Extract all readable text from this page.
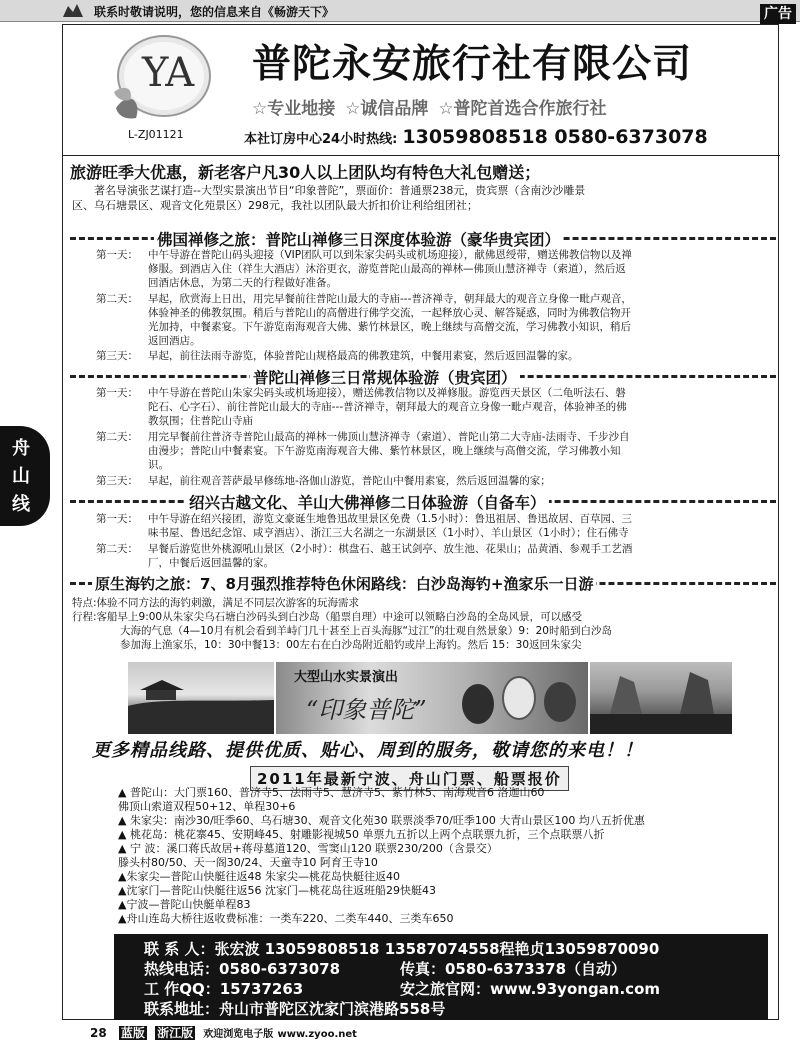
联系时敬请说明，您的信息来自《畅游天下》	广告
舟
山
线
YA
L-ZJ01121
普陀永安旅行社有限公司
☆专业地接 ☆诚信品牌 ☆普陀首选合作旅行社
本社订房中心24小时热线: 13059808518 0580-6373078
旅游旺季大优惠，新老客户凡30人以上团队均有特色大礼包赠送；
著名导演张艺谋打造--大型实景演出节目“印象普陀”，票面价：普通票238元，贵宾票（含南沙沙雕景
区、乌石塘景区、观音文化苑景区）298元，我社以团队最大折扣价让利给组团社；
佛国禅修之旅：普陀山禅修三日深度体验游（豪华贵宾团）
第一天： 中午导游在普陀山码头迎接（VIP团队可以到朱家尖码头或机场迎接），献佛恩绶带，赠送佛教信物以及禅
修服。到酒店入住（祥生大酒店）沐浴更衣，游览普陀山最高的禅林—佛顶山慧济禅寺（索道），然后返
回酒店休息，为第二天的行程做好准备。
第二天： 早起，欣赏海上日出，用完早餐前往普陀山最大的寺庙---普济禅寺，朝拜最大的观音立身像一毗卢观音，
体验神圣的佛教氛围。稍后与普陀山的高僧进行佛学交流，一起释放心灵、解答疑惑，同时为佛教信物开
光加持，中餐素宴。下午游览南海观音大佛、紫竹林景区，晚上继续与高僧交流，学习佛教小知识，稍后
返回酒店。
第三天： 早起，前往法雨寺游览，体验普陀山规格最高的佛教建筑，中餐用素宴，然后返回温馨的家。
普陀山禅修三日常规体验游（贵宾团）
第一天： 中午导游在普陀山朱家尖码头或机场迎接），赠送佛教信物以及禅修服。游览西天景区（二龟听法石、磐
陀石、心字石）、前往普陀山最大的寺庙---普济禅寺，朝拜最大的观音立身像一毗卢观音，体验神圣的佛
教氛围；住普陀山寺庙
第二天： 用完早餐前往普济寺普陀山最高的禅林一佛顶山慧济禅寺（索道）、普陀山第二大寺庙-法雨寺、千步沙自
由漫步；普陀山中餐素宴。下午游览南海观音大佛、紫竹林景区，晚上继续与高僧交流，学习佛教小知
识。
第三天： 早起，前往观音菩萨最早修练地-洛伽山游览，普陀山中餐用素宴，然后返回温馨的家；
绍兴古越文化、羊山大佛禅修二日体验游（自备车）
第一天： 中午导游在绍兴接团，游览文豪诞生地鲁迅故里景区免费（1.5小时）：鲁迅祖居、鲁迅故居、百草园、三
味书屋、鲁迅纪念馆、咸亨酒店）、浙江三大名湖之一东湖景区（1小时）、羊山景区（1小时）；住石佛寺
第二天： 早餐后游览世外桃源吼山景区（2小时）：棋盘石、越王试剑亭、放生池、花果山；品黄酒、参观手工艺酒
厂，中餐后返回温馨的家。
原生海钓之旅：7、8月强烈推荐特色休闲路线：白沙岛海钓+渔家乐一日游
特点:体验不同方法的海钓刺激，满足不同层次游客的玩海需求
行程:客船早上9:00从朱家尖乌石塘白沙码头到白沙岛（船票自理）中途可以领略白沙岛的全岛风景，可以感受
大海的气息（4—10月有机会看到羊峙门几十甚至上百头海豚“过江”的壮观自然景象）9：20时船到白沙岛
参加海上渔家乐，10：30中餐13：00左右在白沙岛附近船钓或岸上海钓。然后 15：30返回朱家尖
大型山水实景演出
“印象普陀”
更多精品线路、提供优质、贴心、周到的服务，敬请您的来电！！
2011年最新宁波、舟山门票、船票报价
▲ 普陀山：大门票160、普济寺5、法雨寺5、慧济寺5、紫竹林5、南海观音6 洛迦山60
佛顶山索道双程50+12、单程30+6
▲ 朱家尖：南沙30/旺季60、乌石塘30、观音文化苑30 联票淡季70/旺季100 大青山景区100 均八五折优惠
▲ 桃花岛：桃花寨45、安期峰45、射雕影视城50 单票九五折以上两个点联票九折，三个点联票八折
▲ 宁 波：溪口蒋氏故居+蒋母墓道120、雪窦山120 联票230/200（含景交）
滕头村80/50、天一阁30/24、天童寺10 阿育王寺10
▲朱家尖—普陀山快艇往返48 朱家尖—桃花岛快艇往返40
▲沈家门—普陀山快艇往返56 沈家门—桃花岛往返班船29快艇43
▲宁波—普陀山快艇单程83
▲舟山连岛大桥往返收费标准：一类车220、二类车440、三类车650
联 系 人：张宏波 13059808518 13587074558程艳贞13059870090
热线电话：0580-6373078	传真：0580-6373378（自动）
工 作QQ：15737263	安之旅官网：www.93yongan.com
联系地址：舟山市普陀区沈家门滨港路558号
28 蓝版 浙江版 欢迎浏览电子版 www.zyoo.net
